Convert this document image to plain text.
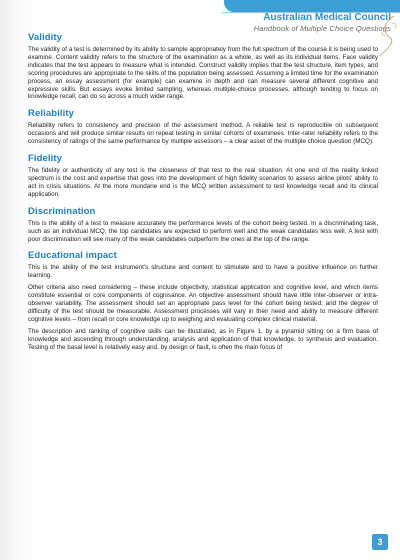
Australian Medical Council
Handbook of Multiple Choice Questions
Validity

The validity of a test is determined by its ability to sample appropriately from the full spectrum of the course it is being used to examine. Content validity refers to the structure of the examination as a whole, as well as its individual items. Face validity indicates that the test appears to measure what is intended. Construct validity implies that the test structure, item types, and scoring procedures are appropriate to the skills of the population being assessed. Assuming a limited time for the examination process, an essay assessment (for example) can examine in depth and can measure several different cognitive and expressive skills. But essays evoke limited sampling, whereas multiple-choice processes, although tending to focus on knowledge recall, can do so across a much wider range.

Reliability

Reliability refers to consistency and precision of the assessment method. A reliable test is reproducible on subsequent occasions and will produce similar results on repeat testing in similar cohorts of examinees. Inter-rater reliability refers to the consistency of ratings of the same performance by multiple assessors – a clear asset of the multiple choice question (MCQ).

Fidelity

The fidelity or authenticity of any test is the closeness of that test to the real situation. At one end of the reality linked spectrum is the cost and expertise that goes into the development of high fidelity scenarios to assess airline pilots' ability to act in crisis situations. At the more mundane end is the MCQ written assessment to test knowledge recall and its clinical application.

Discrimination

This is the ability of a test to measure accurately the performance levels of the cohort being tested. In a discriminating task, such as an individual MCQ, the top candidates are expected to perform well and the weak candidates less well. A test with poor discrimination will see many of the weak candidates outperform the ones at the top of the range.

Educational impact

This is the ability of the test instrument's structure and content to stimulate and to have a positive influence on further learning.

Other criteria also need considering – these include objectivity, statistical application and cognitive level, and which items constitute essential or core components of cognisance. An objective assessment should have little inter-observer or intra-observer variability. The assessment should set an appropriate pass level for the cohort being tested; and the degree of difficulty of the test should be measurable. Assessment processes will vary in their need and ability to measure different cognitive levels – from recall or core knowledge up to weighing and evaluating complex clinical material.

The description and ranking of cognitive skills can be illustrated, as in Figure 1, by a pyramid sitting on a firm base of knowledge and ascending through understanding, analysis and application of that knowledge, to synthesis and evaluation. Testing of the basal level is relatively easy and, by design or fault, is often the main focus of

3
